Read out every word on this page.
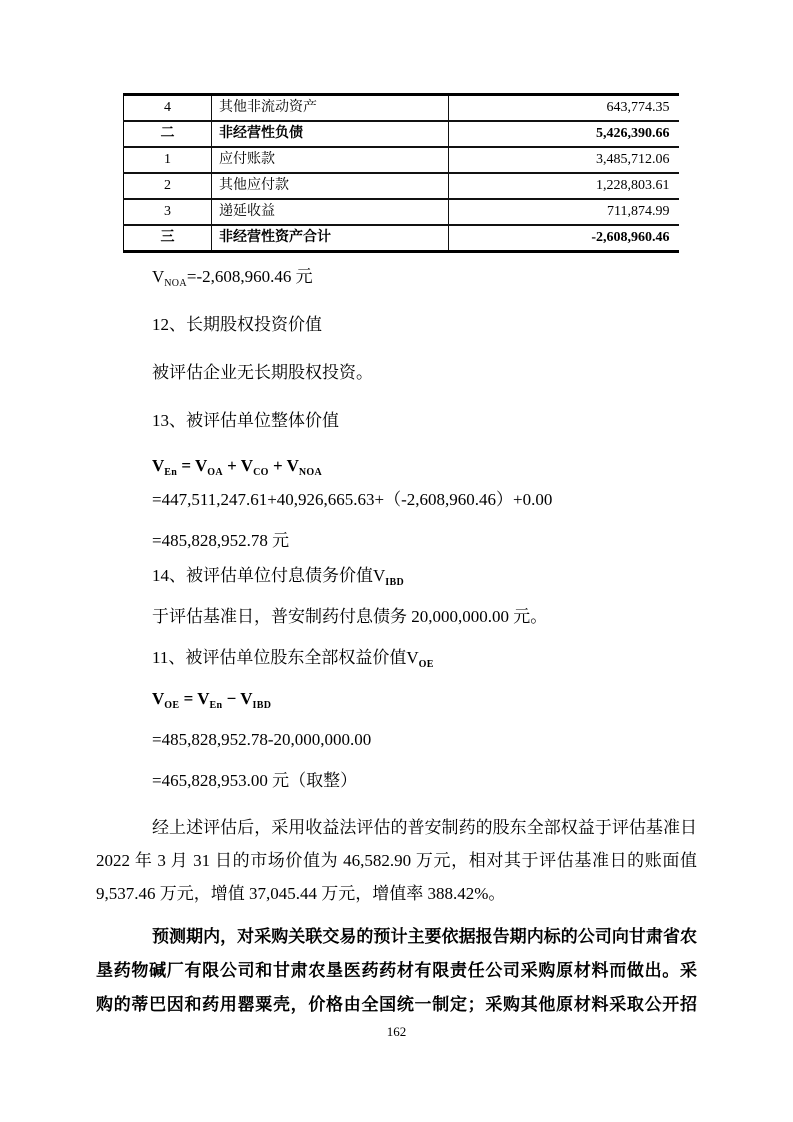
4	其他非流动资产	643,774.35
二	非经营性负债	5,426,390.66
1	应付账款	3,485,712.06
2	其他应付款	1,228,803.61
3	递延收益	711,874.99
三	非经营性资产合计	-2,608,960.46
$V_{NOA}=-2,608,960.46$ 元
12、长期股权投资价值
被评估企业无长期股权投资。
13、被评估单位整体价值
$V_{En} = V_{OA} + V_{CO} + V_{NOA}$
=447,511,247.61+40,926,665.63+（-2,608,960.46）+0.00
=485,828,952.78 元
14、被评估单位付息债务价值$V_{IBD}$
于评估基准日，普安制药付息债务 20,000,000.00 元。
11、被评估单位股东全部权益价值$V_{OE}$
$V_{OE} = V_{En} - V_{IBD}$
=485,828,952.78-20,000,000.00
=465,828,953.00 元（取整）
经上述评估后，采用收益法评估的普安制药的股东全部权益于评估基准日
2022 年 3 月 31 日的市场价值为 46,582.90 万元，相对其于评估基准日的账面值
9,537.46 万元，增值 37,045.44 万元，增值率 388.42%。
预测期内，对采购关联交易的预计主要依据报告期内标的公司向甘肃省农
垦药物碱厂有限公司和甘肃农垦医药药材有限责任公司采购原材料而做出。采
购的蒂巴因和药用罂粟壳，价格由全国统一制定；采购其他原材料采取公开招
162
